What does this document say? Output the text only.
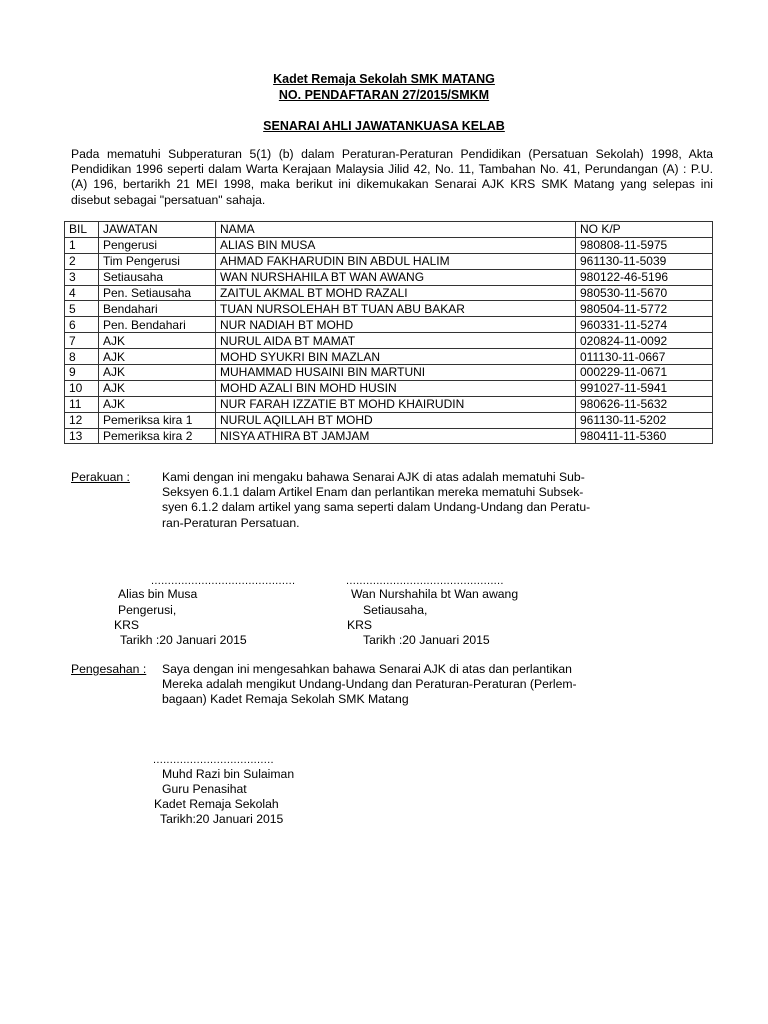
Kadet Remaja Sekolah SMK MATANG
NO. PENDAFTARAN 27/2015/SMKM
SENARAI AHLI JAWATANKUASA KELAB
Pada mematuhi Subperaturan 5(1) (b) dalam Peraturan-Peraturan Pendidikan (Persatuan Sekolah) 1998, Akta
Pendidikan 1996 seperti dalam Warta Kerajaan Malaysia Jilid 42, No. 11, Tambahan No. 41, Perundangan (A) : P.U.
(A) 196, bertarikh 21 MEI 1998, maka berikut ini dikemukakan Senarai AJK KRS SMK Matang yang selepas ini
disebut sebagai "persatuan" sahaja.
BIL	JAWATAN	NAMA	NO K/P
1	Pengerusi	ALIAS BIN MUSA	980808-11-5975
2	Tim Pengerusi	AHMAD FAKHARUDIN BIN ABDUL HALIM	961130-11-5039
3	Setiausaha	WAN NURSHAHILA BT WAN AWANG	980122-46-5196
4	Pen. Setiausaha	ZAITUL AKMAL BT MOHD RAZALI	980530-11-5670
5	Bendahari	TUAN NURSOLEHAH BT TUAN ABU BAKAR	980504-11-5772
6	Pen. Bendahari	NUR NADIAH BT MOHD	960331-11-5274
7	AJK	NURUL AIDA BT MAMAT	020824-11-0092
8	AJK	MOHD SYUKRI BIN MAZLAN	011130-11-0667
9	AJK	MUHAMMAD HUSAINI BIN MARTUNI	000229-11-0671
10	AJK	MOHD AZALI BIN MOHD HUSIN	991027-11-5941
11	AJK	NUR FARAH IZZATIE BT MOHD KHAIRUDIN	980626-11-5632
12	Pemeriksa kira 1	NURUL AQILLAH BT MOHD	961130-11-5202
13	Pemeriksa kira 2	NISYA ATHIRA BT JAMJAM	980411-11-5360
Perakuan :	Kami dengan ini mengaku bahawa Senarai AJK di atas adalah mematuhi Sub-
Seksyen 6.1.1 dalam Artikel Enam dan perlantikan mereka mematuhi Subsek-
syen 6.1.2 dalam artikel yang sama seperti dalam Undang-Undang dan Peratu-
ran-Peraturan Persatuan.
...........................................
Alias bin Musa
Pengerusi,
KRS
Tarikh :20 Januari 2015
...............................................
Wan Nurshahila bt Wan awang
Setiausaha,
KRS
Tarikh :20 Januari 2015
Pengesahan : Saya dengan ini mengesahkan bahawa Senarai AJK di atas dan perlantikan
Mereka adalah mengikut Undang-Undang dan Peraturan-Peraturan (Perlem-
bagaan) Kadet Remaja Sekolah SMK Matang
....................................
Muhd Razi bin Sulaiman
Guru Penasihat
Kadet Remaja Sekolah
Tarikh:20 Januari 2015
